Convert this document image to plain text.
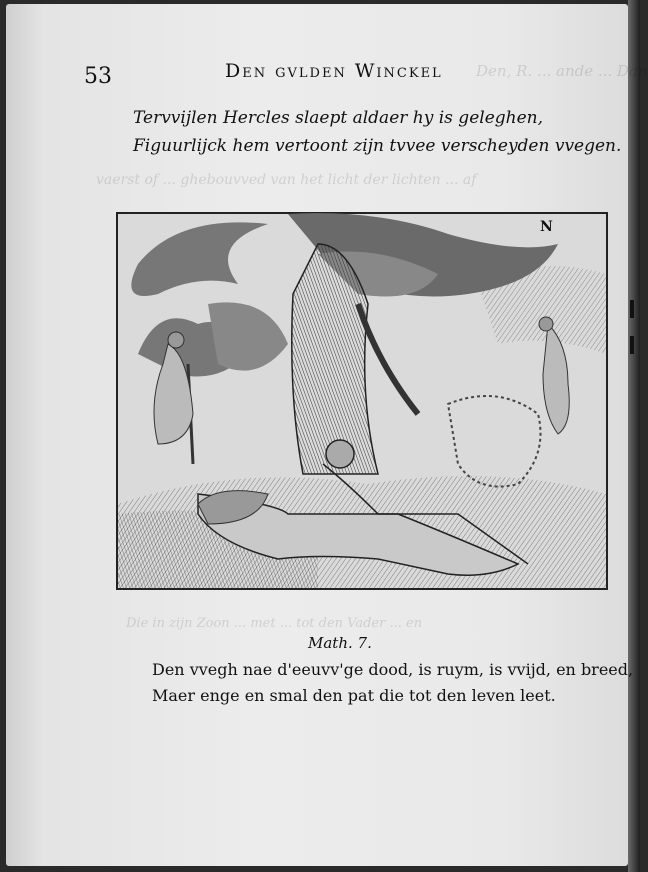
Den, R. ... ande ... Dan
vaerst of ... ghebouvved van het licht der lichten ... af
Die in zijn Zoon ... met ... tot den Vader ... en
53	Den gvlden Winckel
Tervvijlen Hercles slaept aldaer hy is geleghen,
Figuurlijck hem vertoont zijn tvvee verscheyden vvegen.
N
Math. 7.
Den vvegh nae d'eeuvv'ge dood, is ruym, is vvijd, en breed,
Maer enge en smal den pat die tot den leven leet.
